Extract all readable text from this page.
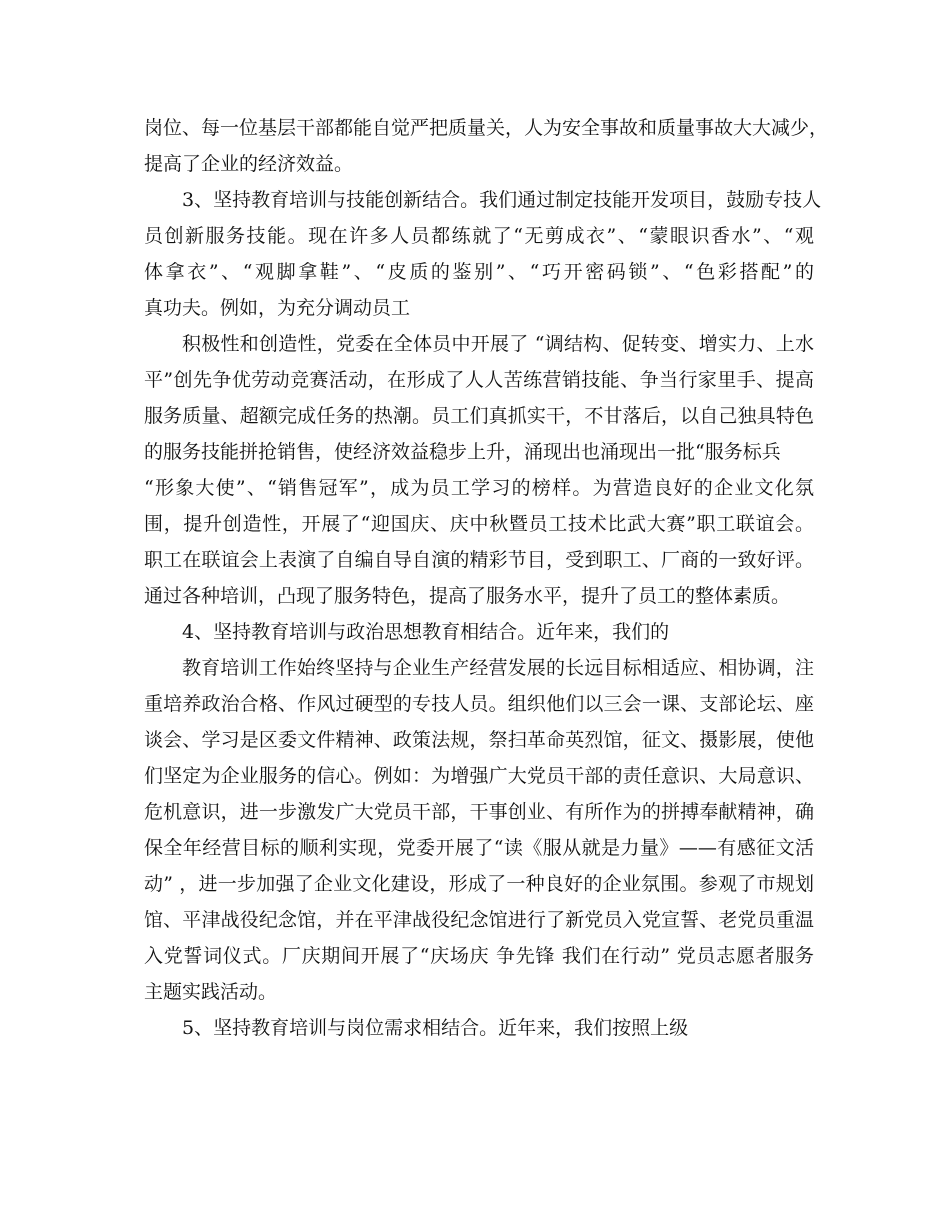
岗位、每一位基层干部都能自觉严把质量关，人为安全事故和质量事故大大减少，
提高了企业的经济效益。
3、坚持教育培训与技能创新结合。我们通过制定技能开发项目，鼓励专技人
员创新服务技能。现在许多人员都练就了“无剪成衣”、“蒙眼识香水”、“观
体拿衣”、“观脚拿鞋”、“皮质的鉴别”、“巧开密码锁”、“色彩搭配”的
真功夫。例如，为充分调动员工
积极性和创造性，党委在全体员中开展了 “调结构、促转变、增实力、上水
平”创先争优劳动竞赛活动，在形成了人人苦练营销技能、争当行家里手、提高
服务质量、超额完成任务的热潮。员工们真抓实干，不甘落后，以自己独具特色
的服务技能拼抢销售，使经济效益稳步上升，涌现出也涌现出一批“服务标兵
“形象大使”、“销售冠军”，成为员工学习的榜样。为营造良好的企业文化氛
围，提升创造性，开展了“迎国庆、庆中秋暨员工技术比武大赛”职工联谊会。
职工在联谊会上表演了自编自导自演的精彩节目，受到职工、厂商的一致好评。
通过各种培训，凸现了服务特色，提高了服务水平，提升了员工的整体素质。
4、坚持教育培训与政治思想教育相结合。近年来，我们的
教育培训工作始终坚持与企业生产经营发展的长远目标相适应、相协调，注
重培养政治合格、作风过硬型的专技人员。组织他们以三会一课、支部论坛、座
谈会、学习是区委文件精神、政策法规，祭扫革命英烈馆，征文、摄影展，使他
们坚定为企业服务的信心。例如：为增强广大党员干部的责任意识、大局意识、
危机意识，进一步激发广大党员干部，干事创业、有所作为的拼搏奉献精神，确
保全年经营目标的顺利实现，党委开展了“读《服从就是力量》——有感征文活
动” ，进一步加强了企业文化建设，形成了一种良好的企业氛围。参观了市规划
馆、平津战役纪念馆，并在平津战役纪念馆进行了新党员入党宣誓、老党员重温
入党誓词仪式。厂庆期间开展了“庆场庆 争先锋 我们在行动” 党员志愿者服务
主题实践活动。
5、坚持教育培训与岗位需求相结合。近年来，我们按照上级
